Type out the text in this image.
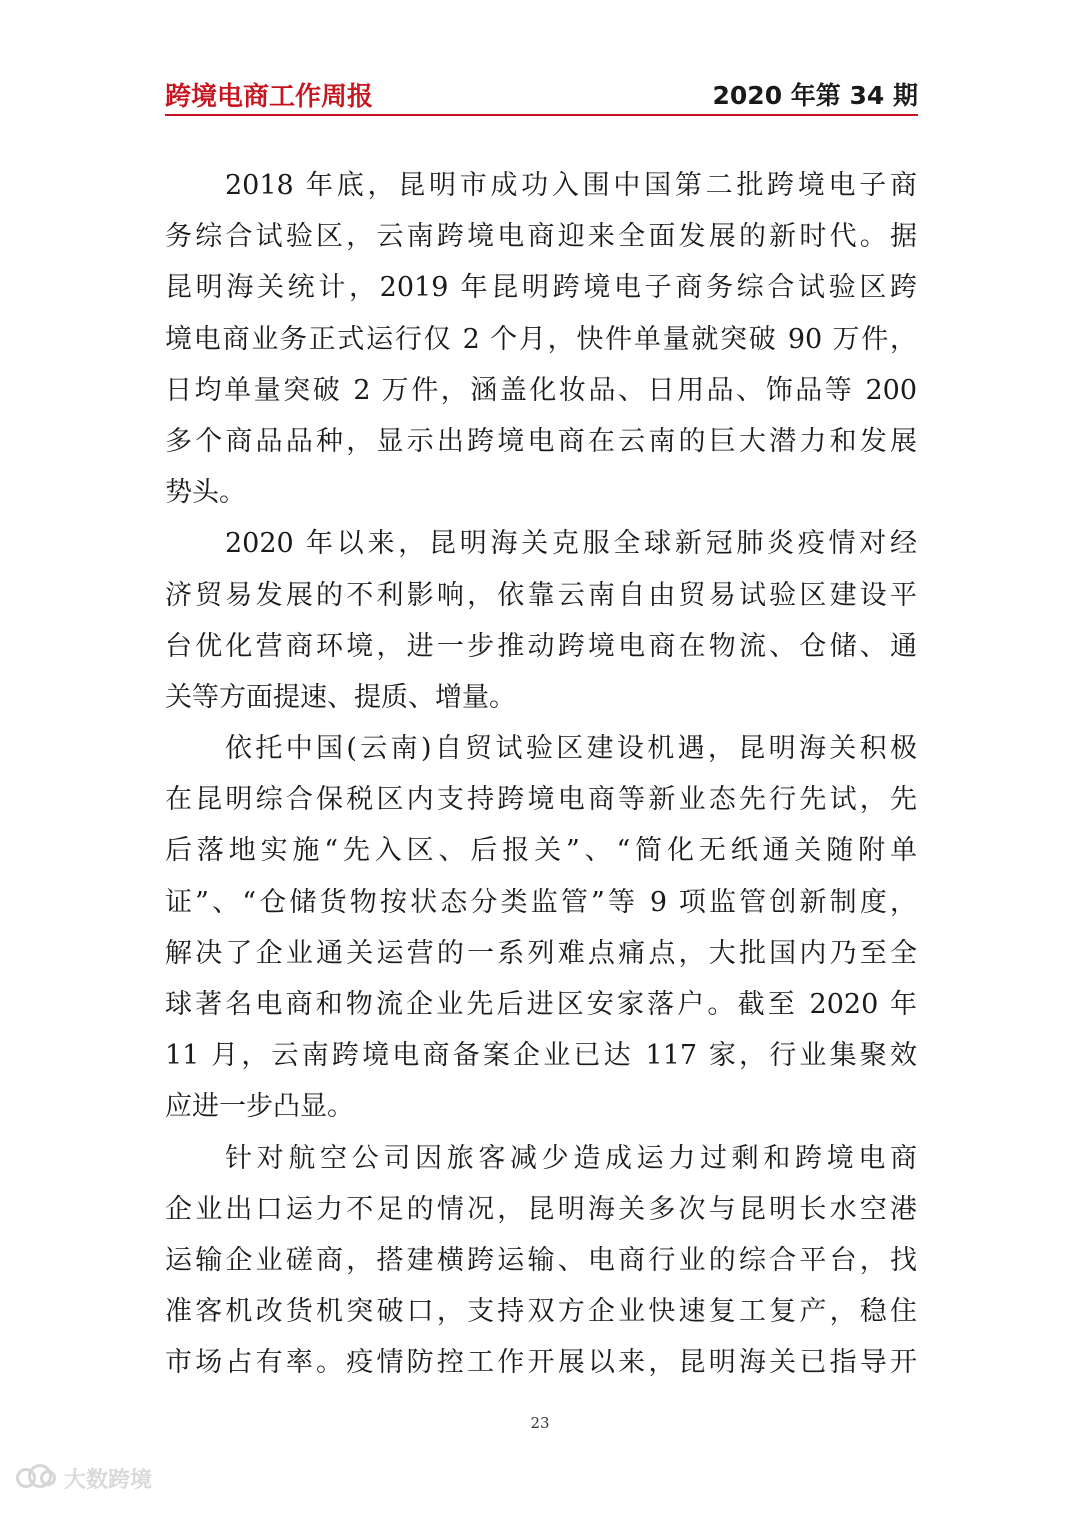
跨境电商工作周报	2020 年第 34 期
2018 年底，昆明市成功入围中国第二批跨境电子商
务综合试验区，云南跨境电商迎来全面发展的新时代。据
昆明海关统计，2019 年昆明跨境电子商务综合试验区跨
境电商业务正式运行仅 2 个月，快件单量就突破 90 万件，
日均单量突破 2 万件，涵盖化妆品、日用品、饰品等 200
多个商品品种，显示出跨境电商在云南的巨大潜力和发展
势头。
2020 年以来，昆明海关克服全球新冠肺炎疫情对经
济贸易发展的不利影响，依靠云南自由贸易试验区建设平
台优化营商环境，进一步推动跨境电商在物流、仓储、通
关等方面提速、提质、增量。
依托中国(云南)自贸试验区建设机遇，昆明海关积极
在昆明综合保税区内支持跨境电商等新业态先行先试，先
后落地实施“先入区、后报关”、“简化无纸通关随附单
证”、“仓储货物按状态分类监管”等 9 项监管创新制度，
解决了企业通关运营的一系列难点痛点，大批国内乃至全
球著名电商和物流企业先后进区安家落户。截至 2020 年
11 月，云南跨境电商备案企业已达 117 家，行业集聚效
应进一步凸显。
针对航空公司因旅客减少造成运力过剩和跨境电商
企业出口运力不足的情况，昆明海关多次与昆明长水空港
运输企业磋商，搭建横跨运输、电商行业的综合平台，找
准客机改货机突破口，支持双方企业快速复工复产，稳住
市场占有率。疫情防控工作开展以来，昆明海关已指导开
23
大数跨境
